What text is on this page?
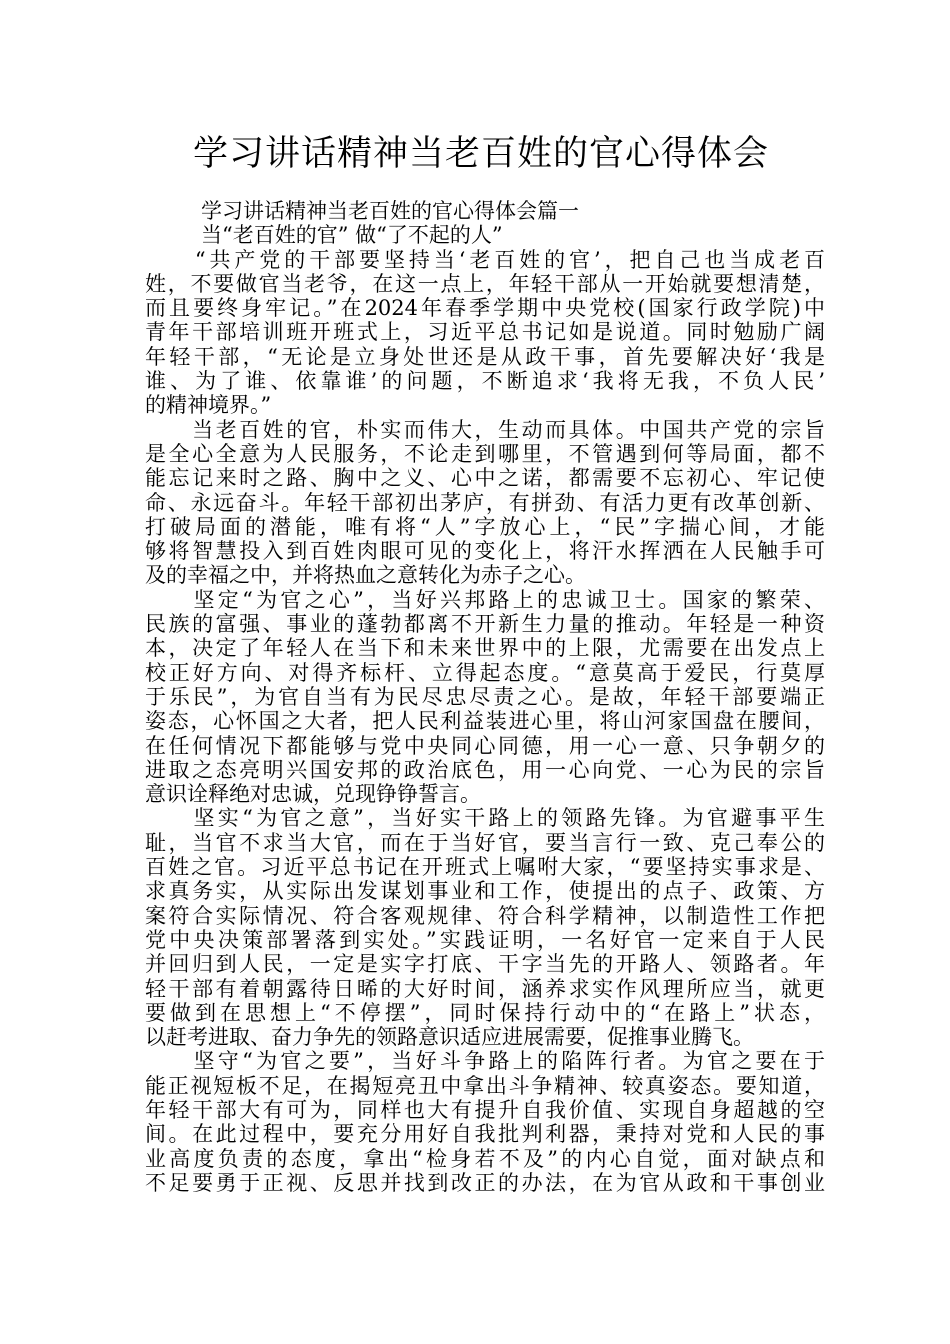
学习讲话精神当老百姓的官心得体会
学习讲话精神当老百姓的官心得体会篇一
当“老百姓的官” 做“了不起的人”
　　“共产党的干部要坚持当‘老百姓的官’，把自己也当成老百
姓，不要做官当老爷，在这一点上，年轻干部从一开始就要想清楚，
而且要终身牢记。”在2024年春季学期中央党校(国家行政学院)中
青年干部培训班开班式上，习近平总书记如是说道。同时勉励广阔
年轻干部，“无论是立身处世还是从政干事，首先要解决好‘我是
谁、为了谁、依靠谁’的问题，不断追求‘我将无我，不负人民’
的精神境界。”
　　当老百姓的官，朴实而伟大，生动而具体。中国共产党的宗旨
是全心全意为人民服务，不论走到哪里，不管遇到何等局面，都不
能忘记来时之路、胸中之义、心中之诺，都需要不忘初心、牢记使
命、永远奋斗。年轻干部初出茅庐，有拼劲、有活力更有改革创新、
打破局面的潜能，唯有将“人”字放心上，“民”字揣心间，才能
够将智慧投入到百姓肉眼可见的变化上，将汗水挥洒在人民触手可
及的幸福之中，并将热血之意转化为赤子之心。
　　坚定“为官之心”，当好兴邦路上的忠诚卫士。国家的繁荣、
民族的富强、事业的蓬勃都离不开新生力量的推动。年轻是一种资
本，决定了年轻人在当下和未来世界中的上限，尤需要在出发点上
校正好方向、对得齐标杆、立得起态度。“意莫高于爱民，行莫厚
于乐民”，为官自当有为民尽忠尽责之心。是故，年轻干部要端正
姿态，心怀国之大者，把人民利益装进心里，将山河家国盘在腰间，
在任何情况下都能够与党中央同心同德，用一心一意、只争朝夕的
进取之态亮明兴国安邦的政治底色，用一心向党、一心为民的宗旨
意识诠释绝对忠诚，兑现铮铮誓言。
　　坚实“为官之意”，当好实干路上的领路先锋。为官避事平生
耻，当官不求当大官，而在于当好官，要当言行一致、克己奉公的
百姓之官。习近平总书记在开班式上嘱咐大家，“要坚持实事求是、
求真务实，从实际出发谋划事业和工作，使提出的点子、政策、方
案符合实际情况、符合客观规律、符合科学精神，以制造性工作把
党中央决策部署落到实处。”实践证明，一名好官一定来自于人民
并回归到人民，一定是实字打底、干字当先的开路人、领路者。年
轻干部有着朝露待日晞的大好时间，涵养求实作风理所应当，就更
要做到在思想上“不停摆”，同时保持行动中的“在路上”状态，
以赶考进取、奋力争先的领路意识适应进展需要，促推事业腾飞。
　　坚守“为官之要”，当好斗争路上的陷阵行者。为官之要在于
能正视短板不足，在揭短亮丑中拿出斗争精神、较真姿态。要知道，
年轻干部大有可为，同样也大有提升自我价值、实现自身超越的空
间。在此过程中，要充分用好自我批判利器，秉持对党和人民的事
业高度负责的态度，拿出“检身若不及”的内心自觉，面对缺点和
不足要勇于正视、反思并找到改正的办法，在为官从政和干事创业
